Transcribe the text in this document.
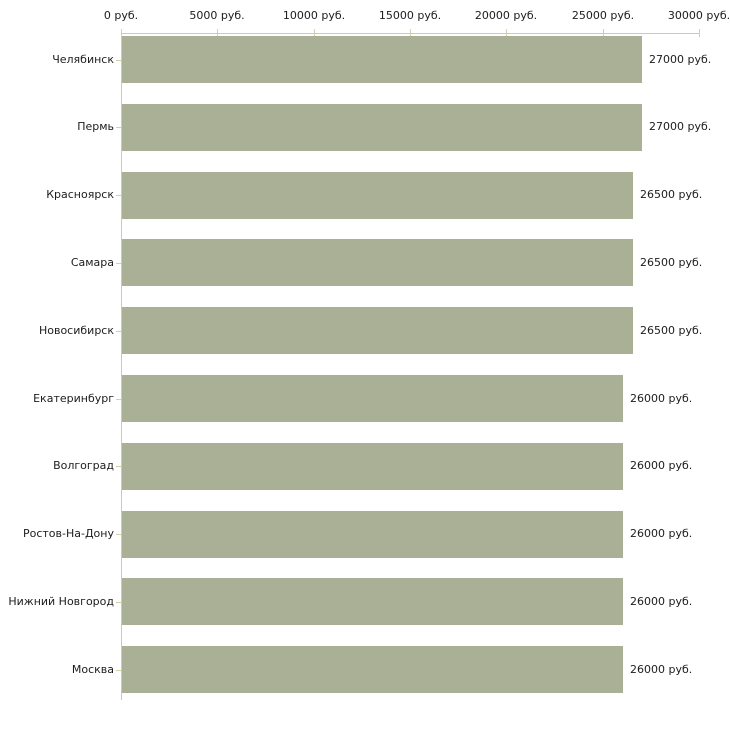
0 руб.	5000 руб.	10000 руб.	15000 руб.	20000 руб.	25000 руб.	30000 руб.
Челябинск	27000 руб.
Пермь	27000 руб.
Красноярск	26500 руб.
Самара	26500 руб.
Новосибирск	26500 руб.
Екатеринбург	26000 руб.
Волгоград	26000 руб.
Ростов-На-Дону	26000 руб.
Нижний Новгород	26000 руб.
Москва	26000 руб.
